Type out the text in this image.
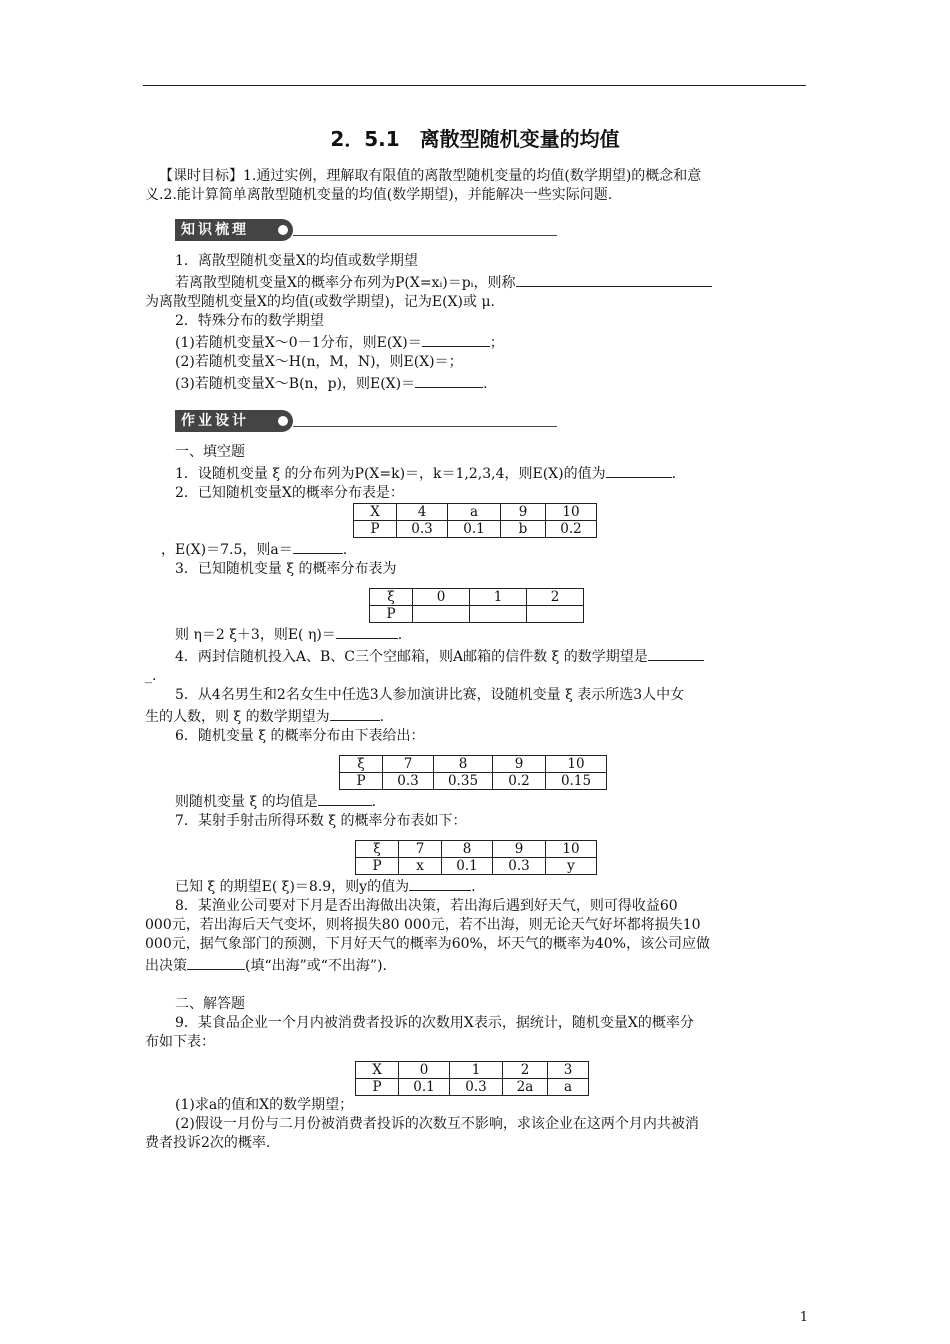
2．5.1　离散型随机变量的均值

【课时目标】1.通过实例，理解取有限值的离散型随机变量的均值(数学期望)的概念和意

义.2.能计算简单离散型随机变量的均值(数学期望)，并能解决一些实际问题.

知识梳理

1．离散型随机变量X的均值或数学期望

若离散型随机变量X的概率分布列为P(X=xᵢ)＝pᵢ，则称

为离散型随机变量X的均值(或数学期望)，记为E(X)或 μ.

2．特殊分布的数学期望

(1)若随机变量X～0－1分布，则E(X)＝	；

(2)若随机变量X～H(n，M，N)，则E(X)＝；

(3)若随机变量X～B(n，p)，则E(X)＝	.

作业设计

一、填空题

1．设随机变量 ξ 的分布列为P(X=k)＝，k＝1,2,3,4，则E(X)的值为	.

2．已知随机变量X的概率分布表是：

X	4	a	9	10
P	0.3	0.1	b	0.2

，E(X)＝7.5，则a＝	.

3．已知随机变量 ξ 的概率分布表为

ξ	0	1	2
P			

则 η＝2 ξ＋3，则E( η)＝	.

4．两封信随机投入A、B、C三个空邮箱，则A邮箱的信件数 ξ 的数学期望是

_.

5．从4名男生和2名女生中任选3人参加演讲比赛，设随机变量 ξ 表示所选3人中女

生的人数，则 ξ 的数学期望为	.

6．随机变量 ξ 的概率分布由下表给出：

ξ	7	8	9	10
P	0.3	0.35	0.2	0.15

则随机变量 ξ 的均值是	.

7．某射手射击所得环数 ξ 的概率分布表如下：

ξ	7	8	9	10
P	x	0.1	0.3	y

已知 ξ 的期望E( ξ)＝8.9，则y的值为	.

8．某渔业公司要对下月是否出海做出决策，若出海后遇到好天气，则可得收益60

000元，若出海后天气变坏，则将损失80 000元，若不出海，则无论天气好坏都将损失10

000元，据气象部门的预测，下月好天气的概率为60%，坏天气的概率为40%，该公司应做

出决策	(填“出海”或“不出海”).

二、解答题

9．某食品企业一个月内被消费者投诉的次数用X表示，据统计，随机变量X的概率分

布如下表：

X	0	1	2	3
P	0.1	0.3	2a	a

(1)求a的值和X的数学期望；

(2)假设一月份与二月份被消费者投诉的次数互不影响，求该企业在这两个月内共被消

费者投诉2次的概率.

1
